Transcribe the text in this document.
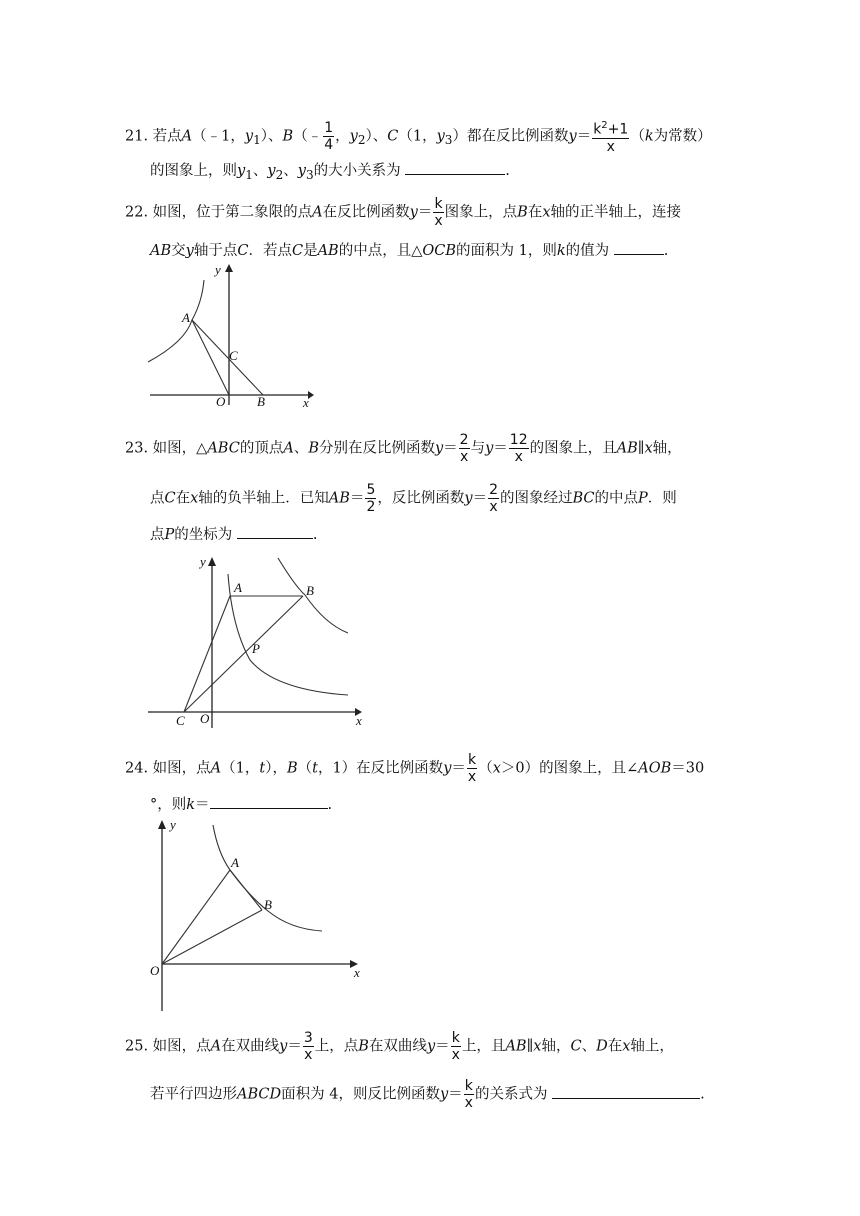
21. 若点A（﹣1，$y_1$）、B（﹣ $\frac{1}{4}$ ，$y_2$）、C（1，$y_3$）都在反比例函数$y= \frac{k^2+1}{x} (k$为常数）
的图象上，则$y_1$、$y_2$、$y_3$的大小关系为	.
22. 如图，位于第二象限的点A在反比例函数$y= \frac{k}{x}$ 图象上，点B在x轴的正半轴上，连接
AB交y轴于点C．若点C是AB的中点，且△OCB的面积为 1，则k的值为	.
y
A
C
O B	x
23. 如图，△ABC的顶点A、B分别在反比例函数$y= \frac{2}{x}$ 与$y= \frac{12}{x}$ 的图象上，且AB∥x轴，
点C在x轴的负半轴上．已知$AB= \frac{5}{2}$ ，反比例函数$y= \frac{2}{x}$ 的图象经过BC的中点P．则
点P的坐标为	.
y
A	B
P
C O	x
24. 如图，点A（1，t），B（t，1）在反比例函数$y= \frac{k}{x} (x>0)$的图象上，且∠AOB＝30
°，则k＝	.
y
A
B
O	x
25. 如图，点A在双曲线$y= \frac{3}{x}$ 上，点B在双曲线$y= \frac{k}{x}$ 上，且AB∥x轴，C、D在x轴上，
若平行四边形ABCD面积为 4，则反比例函数$y= \frac{k}{x}$ 的关系式为	.
